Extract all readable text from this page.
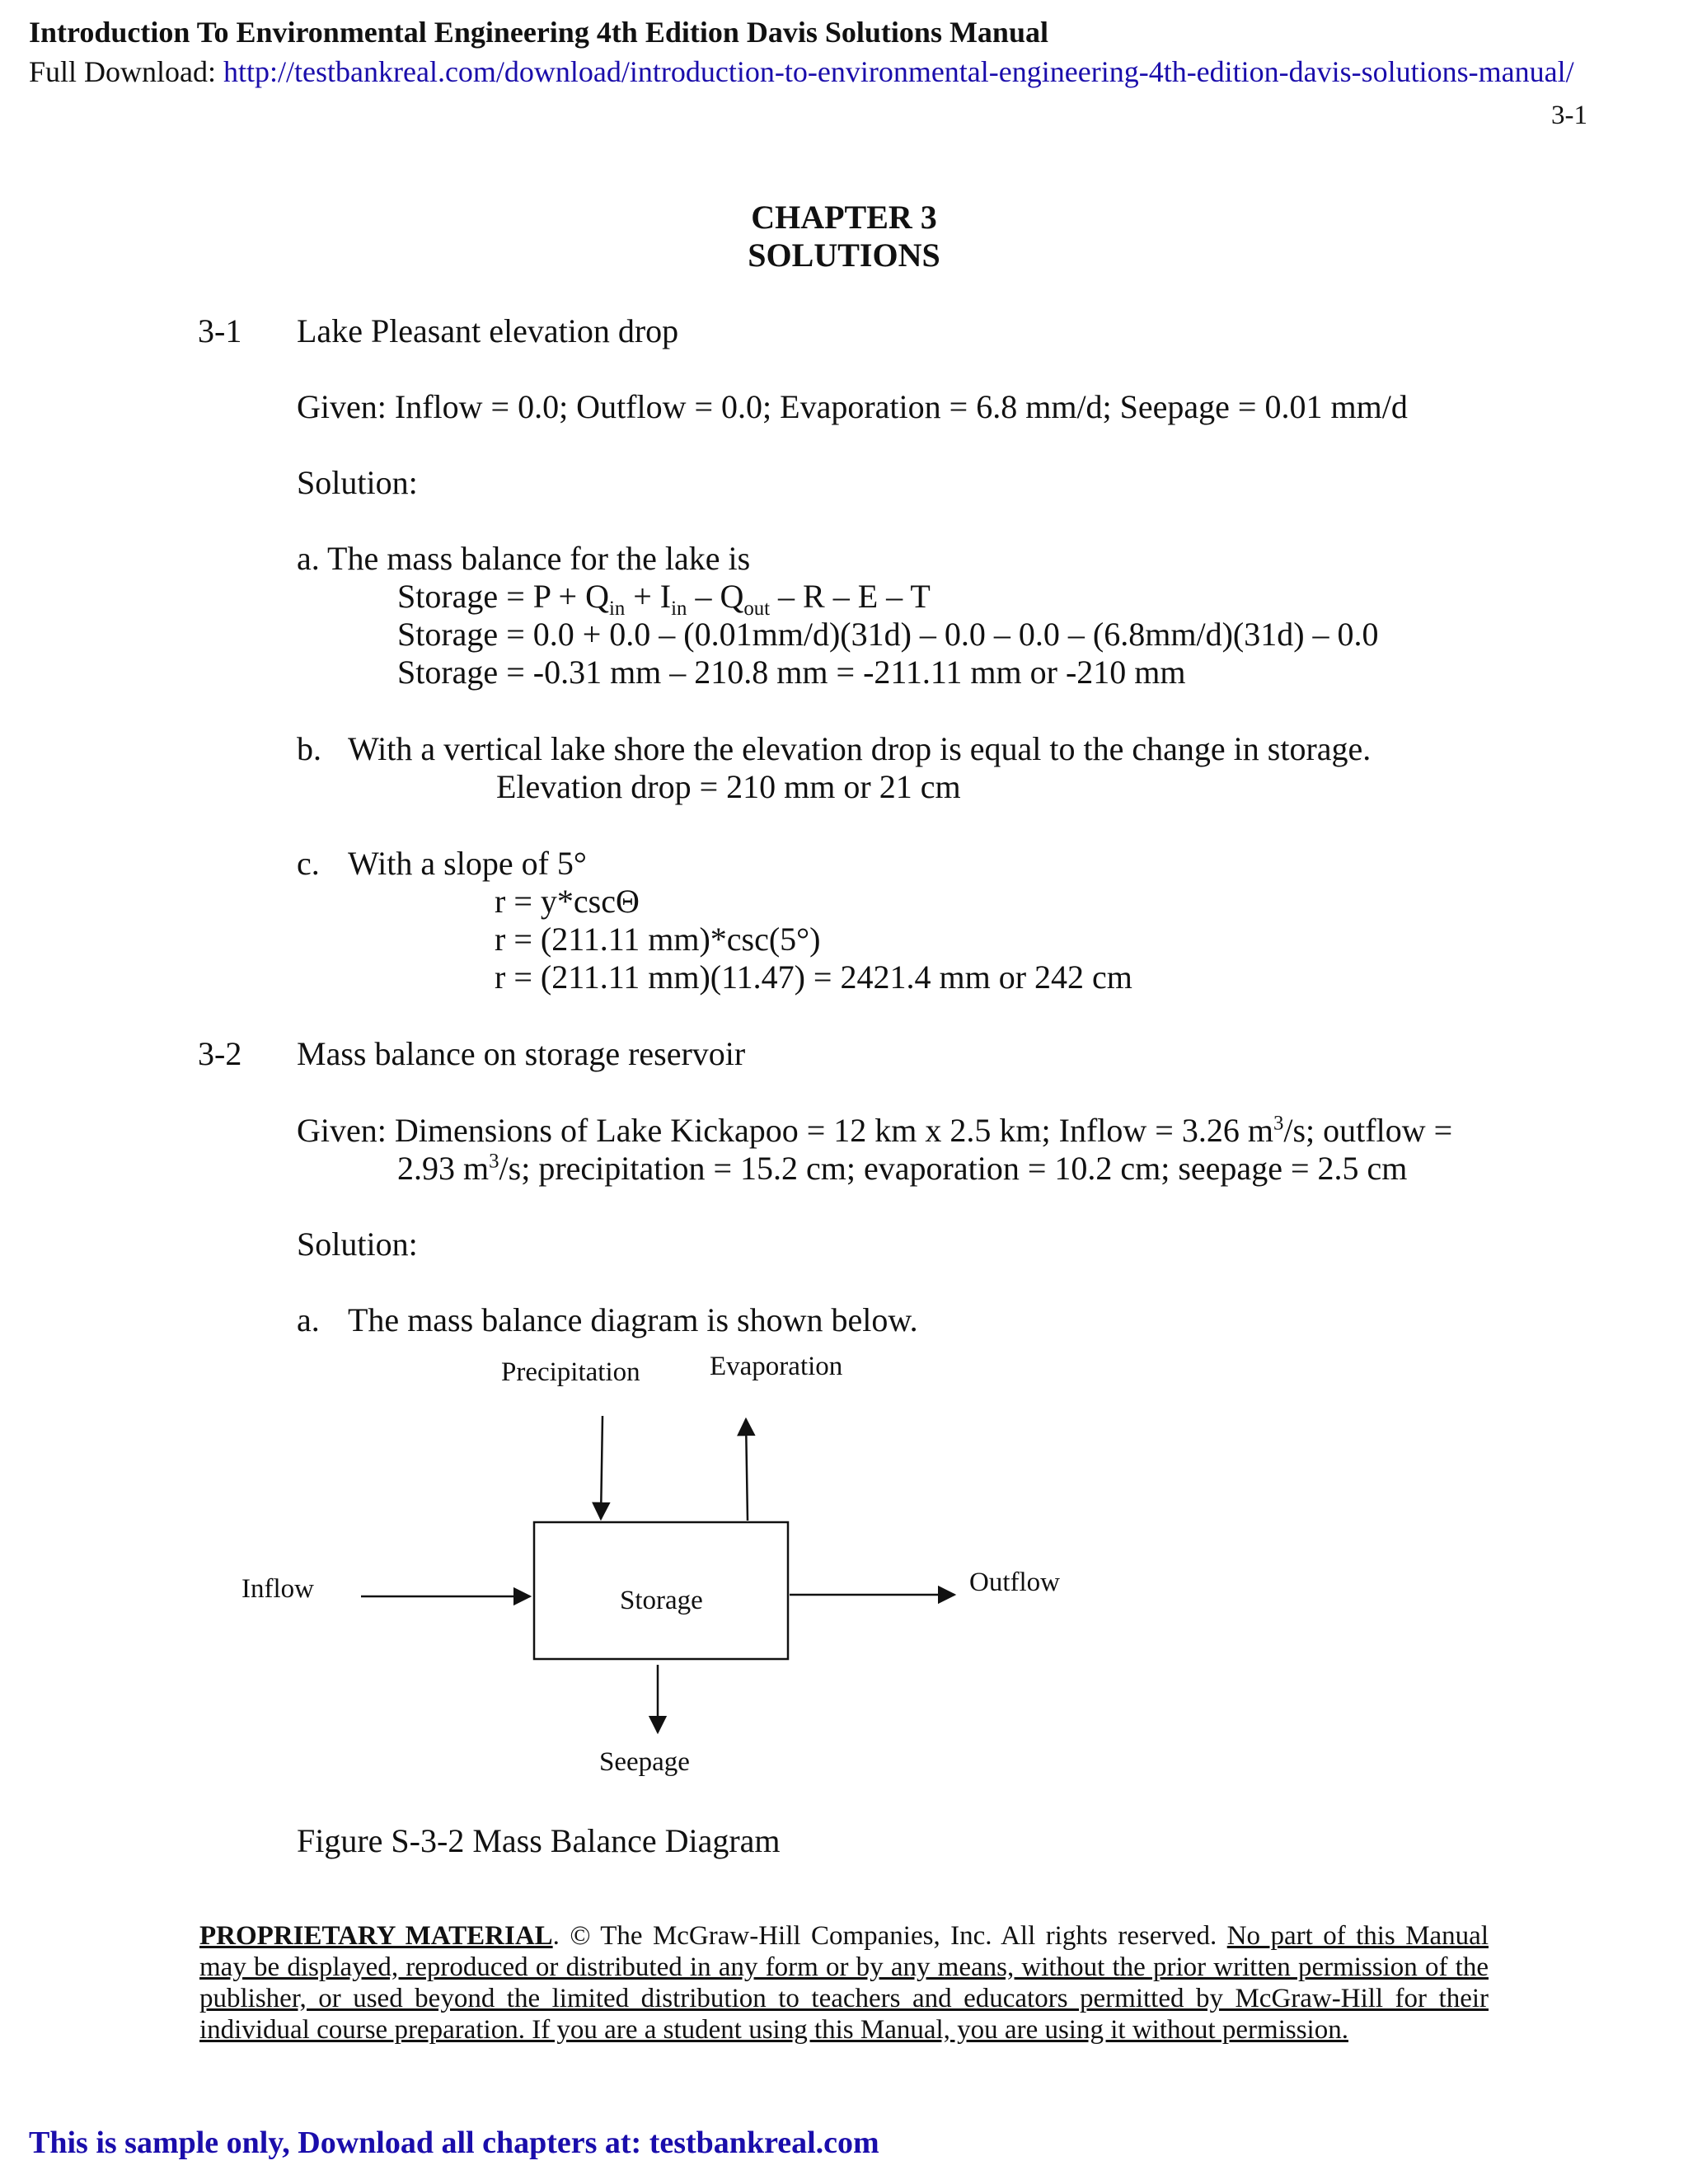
Introduction To Environmental Engineering 4th Edition Davis Solutions Manual
Full Download: http://testbankreal.com/download/introduction-to-environmental-engineering-4th-edition-davis-solutions-manual/
3-1
CHAPTER 3
SOLUTIONS
3-1 Lake Pleasant elevation drop
Given: Inflow = 0.0; Outflow = 0.0; Evaporation = 6.8 mm/d; Seepage = 0.01 mm/d
Solution:
a. The mass balance for the lake is
Storage = $P + Q_{in} + I_{in} - Q_{out} - R - E - T$
Storage = 0.0 + 0.0 – (0.01mm/d)(31d) – 0.0 – 0.0 – (6.8mm/d)(31d) – 0.0
Storage = -0.31 mm – 210.8 mm = -211.11 mm or -210 mm
b. With a vertical lake shore the elevation drop is equal to the change in storage.
Elevation drop = 210 mm or 21 cm
c. With a slope of 5°
r = y*cscΘ
r = (211.11 mm)*csc(5°)
r = (211.11 mm)(11.47) = 2421.4 mm or 242 cm
3-2 Mass balance on storage reservoir
Given: Dimensions of Lake Kickapoo = 12 km x 2.5 km; Inflow = 3.26 $m^3/s$; outflow =
2.93 $m^3/s$; precipitation = 15.2 cm; evaporation = 10.2 cm; seepage = 2.5 cm
Solution:
a. The mass balance diagram is shown below.
Precipitation	Evaporation
Inflow	Storage
Outflow
Seepage
Figure S-3-2 Mass Balance Diagram
PROPRIETARY MATERIAL. © The McGraw-Hill Companies, Inc. All rights reserved. No part of this Manual may be displayed, reproduced or distributed in any form or by any means, without the prior written permission of the publisher, or used beyond the limited distribution to teachers and educators permitted by McGraw-Hill for their individual course preparation. If you are a student using this Manual, you are using it without permission.
This is sample only, Download all chapters at: testbankreal.com
